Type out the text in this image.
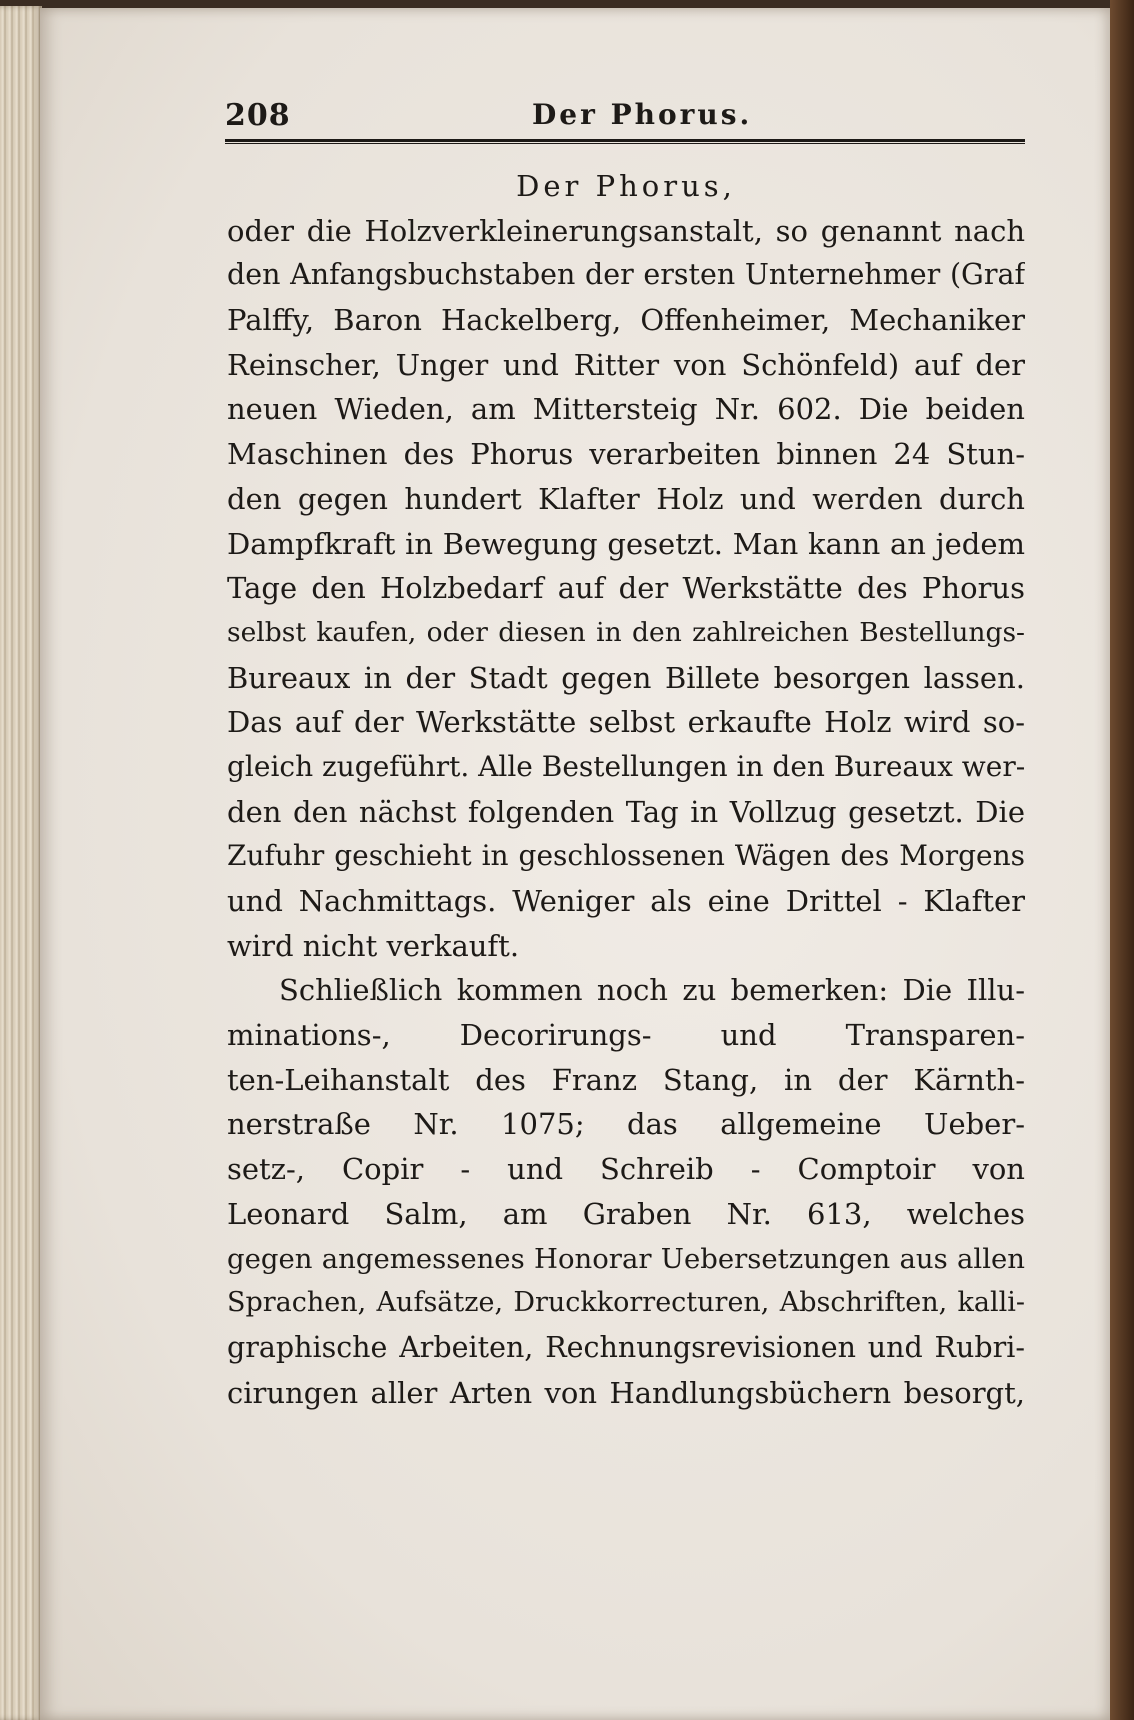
208	Der Phorus.
Der Phorus,
oder die Holzverkleinerungsanstalt, so genannt nach
den Anfangsbuchstaben der ersten Unternehmer (Graf
Palffy, Baron Hackelberg, Offenheimer, Mechaniker
Reinscher, Unger und Ritter von Schönfeld) auf der
neuen Wieden, am Mittersteig Nr. 602. Die beiden
Maschinen des Phorus verarbeiten binnen 24 Stun-
den gegen hundert Klafter Holz und werden durch
Dampfkraft in Bewegung gesetzt. Man kann an jedem
Tage den Holzbedarf auf der Werkstätte des Phorus
selbst kaufen, oder diesen in den zahlreichen Bestellungs-
Bureaux in der Stadt gegen Billete besorgen lassen.
Das auf der Werkstätte selbst erkaufte Holz wird so-
gleich zugeführt. Alle Bestellungen in den Bureaux wer-
den den nächst folgenden Tag in Vollzug gesetzt. Die
Zufuhr geschieht in geschlossenen Wägen des Morgens
und Nachmittags. Weniger als eine Drittel - Klafter
wird nicht verkauft.
Schließlich kommen noch zu bemerken: Die Illu-
minations-, Decorirungs- und Transparen-
ten-Leihanstalt des Franz Stang, in der Kärnth-
nerstraße Nr. 1075; das allgemeine Ueber-
setz-, Copir - und Schreib - Comptoir von
Leonard Salm, am Graben Nr. 613, welches
gegen angemessenes Honorar Uebersetzungen aus allen
Sprachen, Aufsätze, Druckkorrecturen, Abschriften, kalli-
graphische Arbeiten, Rechnungsrevisionen und Rubri-
cirungen aller Arten von Handlungsbüchern besorgt,
